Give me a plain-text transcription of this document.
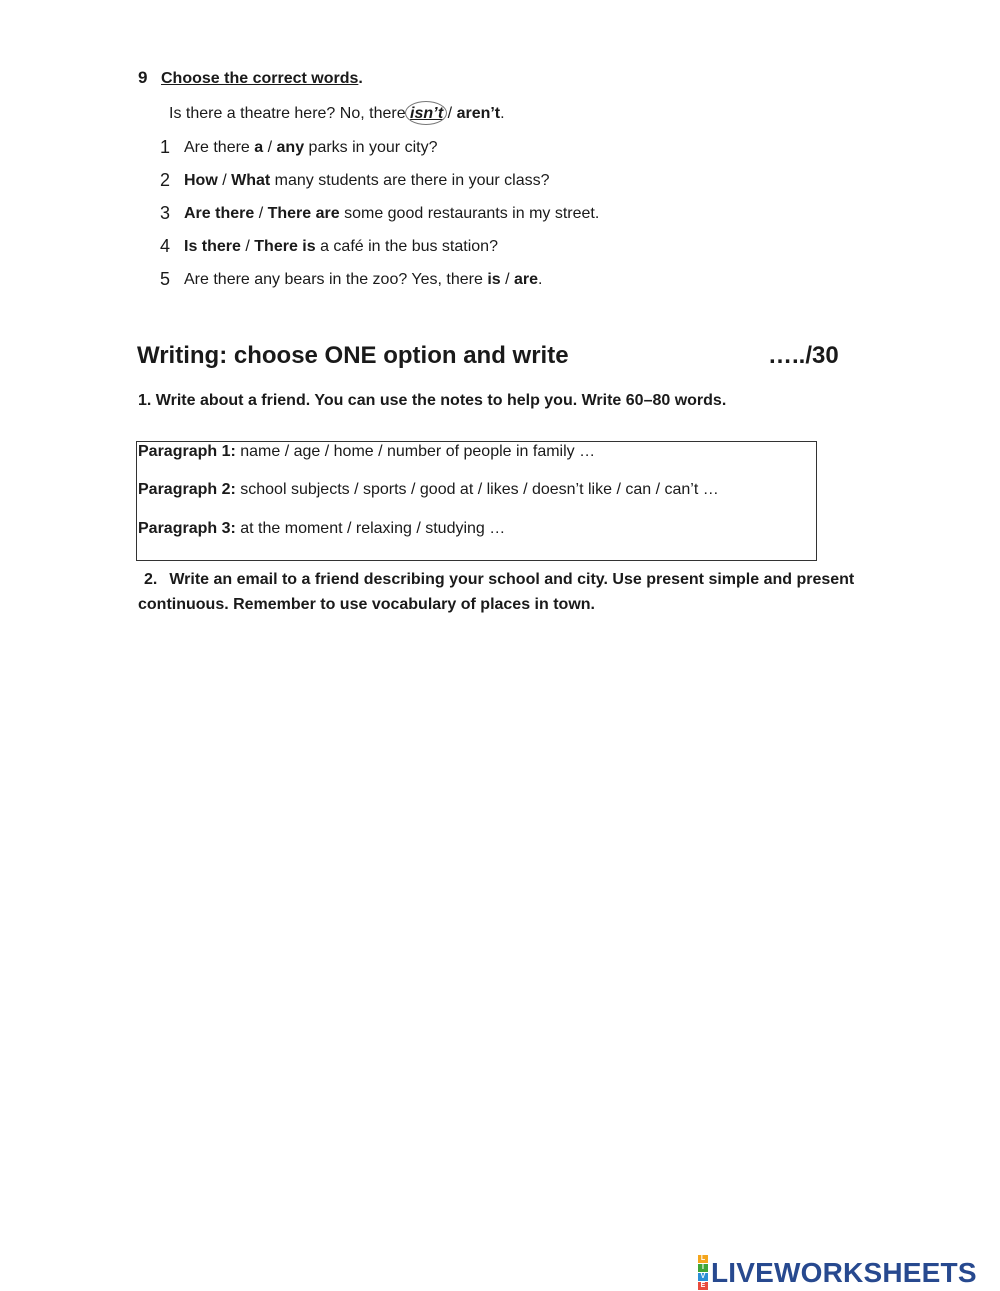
9 Choose the correct words.
Is there a theatre here? No, there isn’t / aren’t.
1 Are there a / any parks in your city?
2 How / What many students are there in your class?
3 Are there / There are some good restaurants in my street.
4 Is there / There is a café in the bus station?
5 Are there any bears in the zoo? Yes, there is / are.
Writing: choose ONE option and write	…../30
1. Write about a friend. You can use the notes to help you. Write 60–80 words.
Paragraph 1: name / age / home / number of people in family …
Paragraph 2: school subjects / sports / good at / likes / doesn’t like / can / can’t …
Paragraph 3: at the moment / relaxing / studying …
2. Write an email to a friend describing your school and city. Use present simple and present continuous. Remember to use vocabulary of places in town.
L
I
V
E LIVEWORKSHEETS
